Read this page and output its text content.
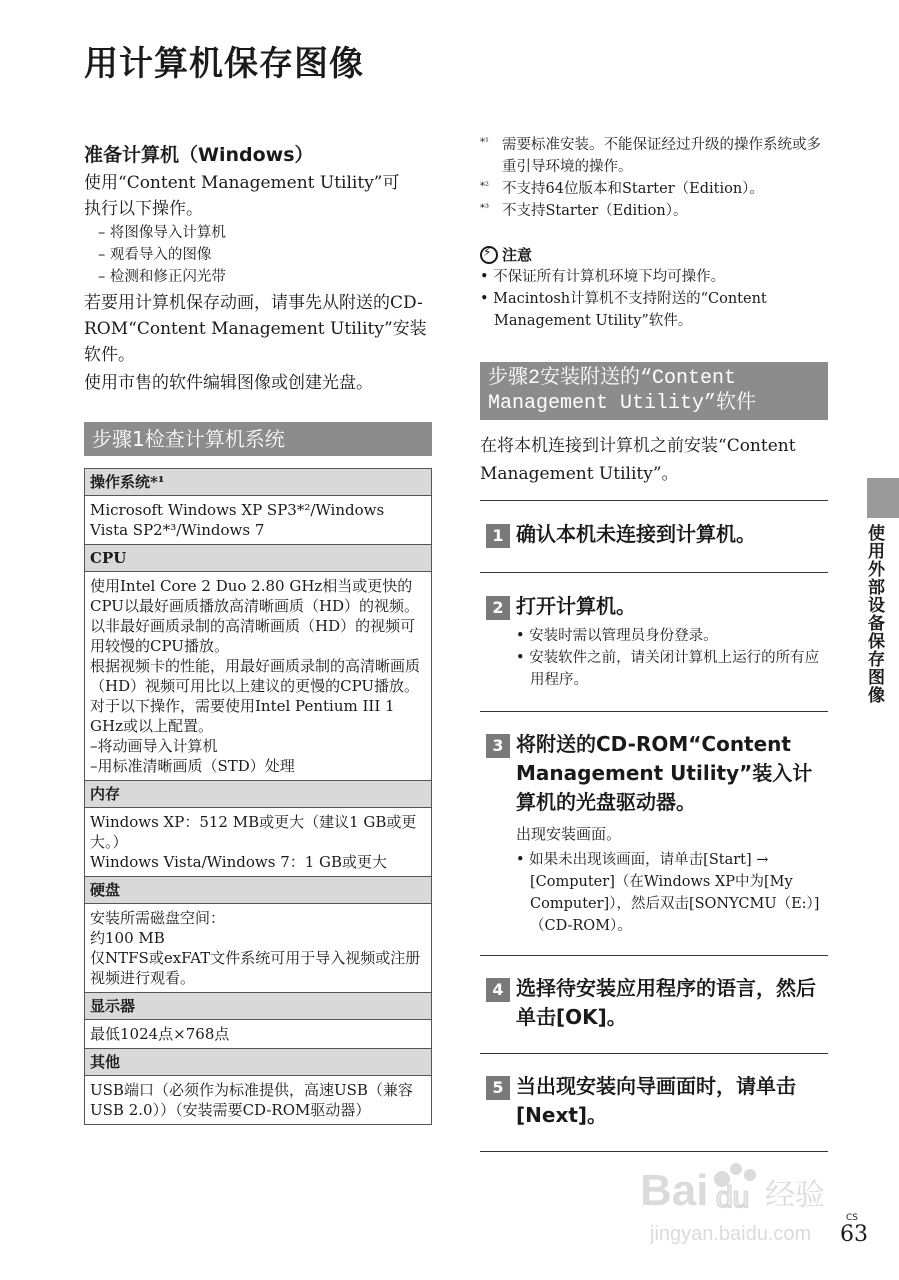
用计算机保存图像
准备计算机（Windows）
使用“Content Management Utility”可执行以下操作。
– 将图像导入计算机
– 观看导入的图像
– 检测和修正闪光带
若要用计算机保存动画，请事先从附送的CD-ROM“Content Management Utility”安装软件。
使用市售的软件编辑图像或创建光盘。
步骤1检查计算机系统
操作系统*¹

Microsoft Windows XP SP3*²/Windows Vista SP2*³/Windows 7

CPU

使用Intel Core 2 Duo 2.80 GHz相当或更快的CPU以最好画质播放高清晰画质（HD）的视频。
以非最好画质录制的高清晰画质（HD）的视频可用较慢的CPU播放。
根据视频卡的性能，用最好画质录制的高清晰画质（HD）视频可用比以上建议的更慢的CPU播放。
对于以下操作，需要使用Intel Pentium III 1 GHz或以上配置。
–将动画导入计算机
–用标准清晰画质（STD）处理

内存

Windows XP：512 MB或更大（建议1 GB或更大。）
Windows Vista/Windows 7：1 GB或更大

硬盘

安装所需磁盘空间：
约100 MB
仅NTFS或exFAT文件系统可用于导入视频或注册视频进行观看。

显示器

最低1024点×768点

其他

USB端口（必须作为标准提供，高速USB（兼容USB 2.0））（安装需要CD-ROM驱动器）
*¹ 需要标准安装。不能保证经过升级的操作系统或多重引导环境的操作。
*² 不支持64位版本和Starter（Edition）。
*³ 不支持Starter（Edition）。
⚡
注意
• 不保证所有计算机环境下均可操作。
• Macintosh计算机不支持附送的“Content Management Utility”软件。
步骤2安装附送的“Content Management Utility”软件
在将本机连接到计算机之前安装“Content Management Utility”。
1 确认本机未连接到计算机。
2 打开计算机。
• 安装时需以管理员身份登录。
• 安装软件之前，请关闭计算机上运行的所有应用程序。
3 将附送的CD-ROM“Content Management Utility”装入计算机的光盘驱动器。
出现安装画面。
• 如果未出现该画面，请单击[Start] → [Computer]（在Windows XP中为[My Computer]），然后双击[SONYCMU（E:）]（CD-ROM）。
4 选择待安装应用程序的语言，然后单击[OK]。
5 当出现安装向导画面时，请单击[Next]。
使用外部设备保存图像
Bai du 经验
jingyan.baidu.com
CS
63
